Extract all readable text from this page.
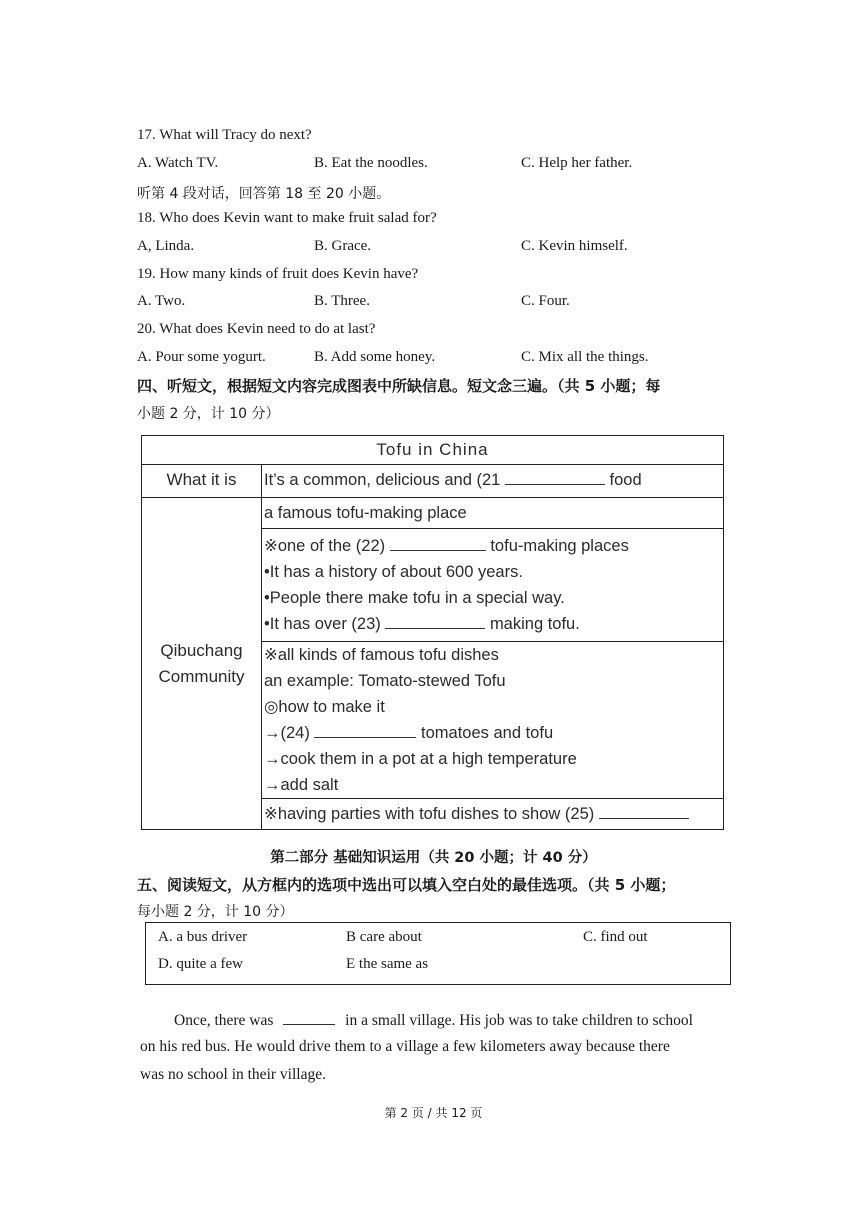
17. What will Tracy do next?
A. Watch TV.	B. Eat the noodles.	C. Help her father.
听第 4 段对话，回答第 18 至 20 小题。
18. Who does Kevin want to make fruit salad for?
A, Linda.	B. Grace.	C. Kevin himself.
19. How many kinds of fruit does Kevin have?
A. Two.	B. Three.	C. Four.
20. What does Kevin need to do at last?
A. Pour some yogurt.	B. Add some honey.	C. Mix all the things.
四、听短文，根据短文内容完成图表中所缺信息。短文念三遍。（共 5 小题；每
小题 2 分，计 10 分）
Tofu in China
What it is	It’s a common, delicious and (21	food
Qibuchang
Community
a famous tofu-making place
※one of the (22)	tofu-making places
•It has a history of about 600 years.
•People there make tofu in a special way.
•It has over (23)	making tofu.
※all kinds of famous tofu dishes
an example: Tomato-stewed Tofu
◎how to make it
→(24)	tomatoes and tofu
→cook them in a pot at a high temperature
→add salt
※having parties with tofu dishes to show (25)
第二部分 基础知识运用（共 20 小题；计 40 分）
五、阅读短文，从方框内的选项中选出可以填入空白处的最佳选项。（共 5 小题；
每小题 2 分，计 10 分）
A. a bus driver	B care about	C. find out
D. quite a few	E the same as
Once, there was	in a small village. His job was to take children to school
on his red bus. He would drive them to a village a few kilometers away because there
was no school in their village.
第 2 页 / 共 12 页
